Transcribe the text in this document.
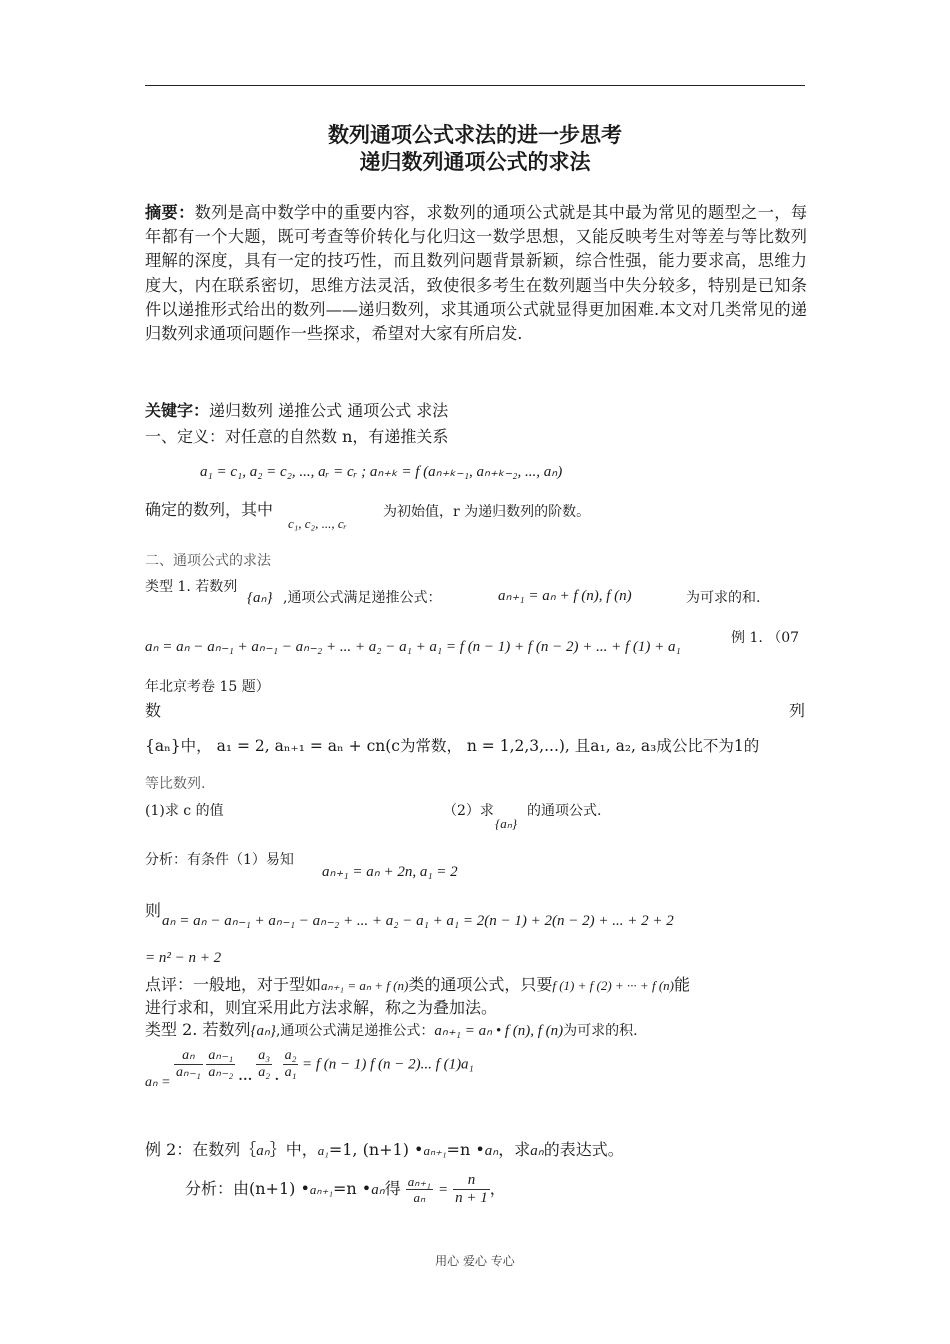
数列通项公式求法的进一步思考
递归数列通项公式的求法
摘要：数列是高中数学中的重要内容，求数列的通项公式就是其中最为常见的题型之一，每年都有一个大题，既可考查等价转化与化归这一数学思想，又能反映考生对等差与等比数列理解的深度，具有一定的技巧性，而且数列问题背景新颖，综合性强，能力要求高，思维力度大，内在联系密切，思维方法灵活，致使很多考生在数列题当中失分较多，特别是已知条件以递推形式给出的数列——递归数列，求其通项公式就显得更加困难.本文对几类常见的递归数列求通项问题作一些探求，希望对大家有所启发.
关键字：递归数列 递推公式 通项公式 求法
一、定义：对任意的自然数 n，有递推关系
a₁ = c₁, a₂ = c₂, ..., aᵣ = cᵣ ; aₙ₊ₖ = f (aₙ₊ₖ₋₁, aₙ₊ₖ₋₂, ..., aₙ)
确定的数列，其中
c₁, c₂, ..., cᵣ
为初始值，r 为递归数列的阶数。
二、通项公式的求法
类型 1. 若数列
{aₙ} ,通项公式满足递推公式：	aₙ₊₁ = aₙ + f (n), f (n)	为可求的和.
aₙ = aₙ − aₙ₋₁ + aₙ₋₁ − aₙ₋₂ + ... + a₂ − a₁ + a₁ = f (n − 1) + f (n − 2) + ... + f (1) + a₁
例 1. （07
年北京考卷 15 题）
数	列
{aₙ}中， a₁ = 2, aₙ₊₁ = aₙ + cn(c为常数， n = 1,2,3,...), 且a₁, a₂, a₃成公比不为1的
等比数列.
(1)求 c 的值	（2）求
{aₙ}
的通项公式.
分析：有条件（1）易知
aₙ₊₁ = aₙ + 2n, a₁ = 2
则
aₙ = aₙ − aₙ₋₁ + aₙ₋₁ − aₙ₋₂ + ... + a₂ − a₁ + a₁ = 2(n − 1) + 2(n − 2) + ... + 2 + 2
= n² − n + 2
点评：一般地，对于型如aₙ₊₁ = aₙ + f (n)类的通项公式，只要f (1) + f (2) + ··· + f (n)能
进行求和，则宜采用此方法求解，称之为叠加法。
类型 2. 若数列{aₙ},通项公式满足递推公式：aₙ₊₁ = aₙ • f (n), f (n)为可求的积.
aₙ =
$\frac{\text{aₙ}}{\text{aₙ₋₁}}$
$\frac{\text{aₙ₋₁}}{\text{aₙ₋₂}}$ … $\frac{\text{a₃}}{\text{a₂}}$ . $\frac{\text{a₂}}{\text{a₁}} = f$ (n − 1) f (n − 2)... f (1)a₁
例 2：在数列｛aₙ｝中，a₁=1, (n+1) •aₙ₊₁=n •aₙ，求aₙ的表达式。
分析：由(n+1) •aₙ₊₁=n •aₙ得 $\frac{\text{aₙ₊₁}}{\text{aₙ}} = \frac{n}{n + 1}$ ，
用心 爱心 专心
